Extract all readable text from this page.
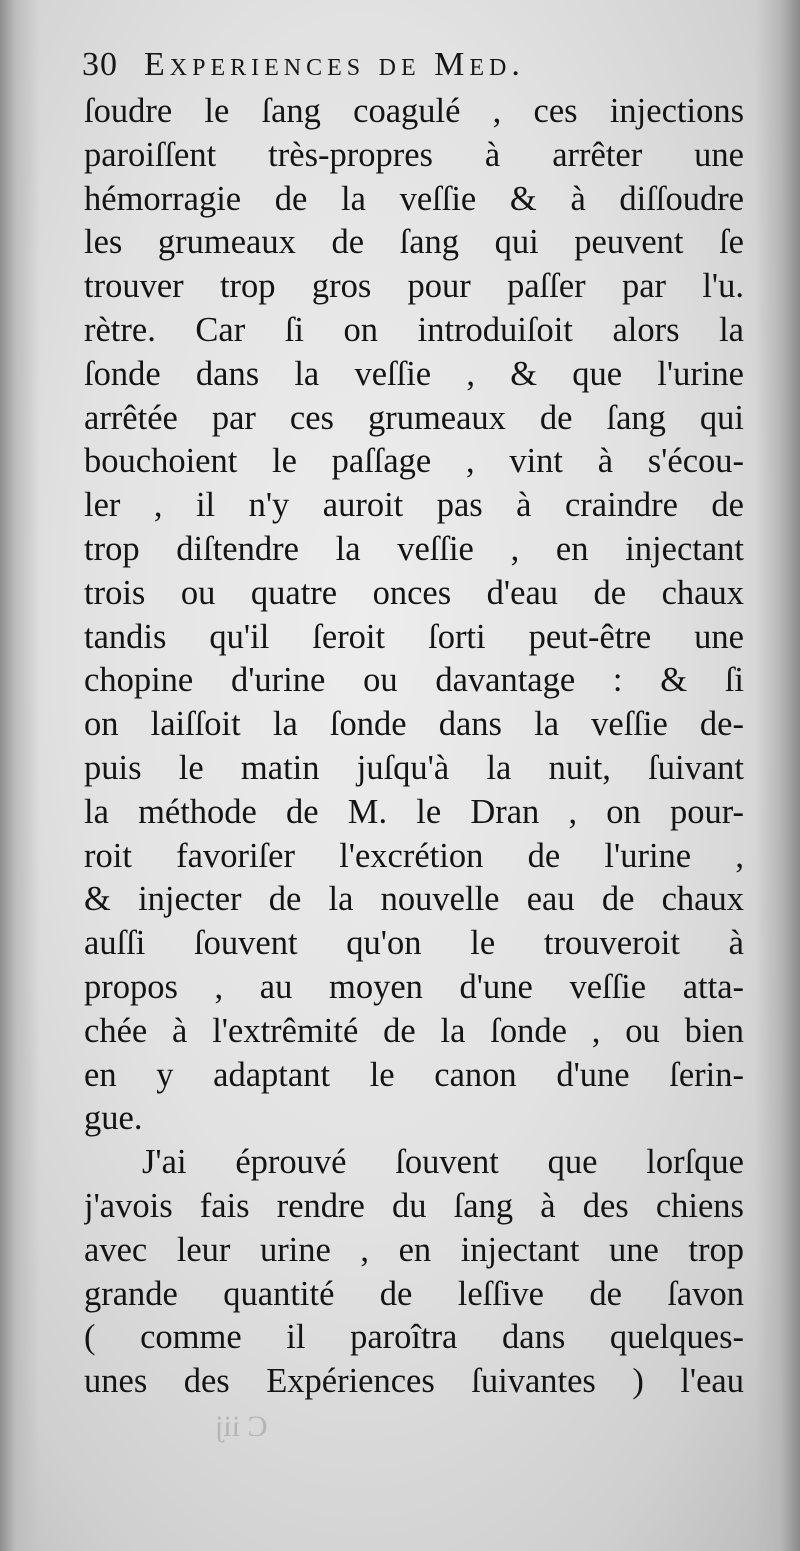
30 Experiences de Med.
ſoudre le ſang coagulé , ces injections
paroiſſent très-propres à arrêter une
hémorragie de la veſſie & à diſſoudre
les grumeaux de ſang qui peuvent ſe
trouver trop gros pour paſſer par l'u.
rètre. Car ſi on introduiſoit alors la
ſonde dans la veſſie , & que l'urine
arrêtée par ces grumeaux de ſang qui
bouchoient le paſſage , vint à s'écou-
ler , il n'y auroit pas à craindre de
trop diſtendre la veſſie , en injectant
trois ou quatre onces d'eau de chaux
tandis qu'il ſeroit ſorti peut-être une
chopine d'urine ou davantage : & ſi
on laiſſoit la ſonde dans la veſſie de-
puis le matin juſqu'à la nuit, ſuivant
la méthode de M. le Dran , on pour-
roit favoriſer l'excrétion de l'urine ,
& injecter de la nouvelle eau de chaux
auſſi ſouvent qu'on le trouveroit à
propos , au moyen d'une veſſie atta-
chée à l'extrêmité de la ſonde , ou bien
en y adaptant le canon d'une ſerin-
gue.
J'ai éprouvé ſouvent que lorſque
j'avois fais rendre du ſang à des chiens
avec leur urine , en injectant une trop
grande quantité de leſſive de ſavon
( comme il paroîtra dans quelques-
unes des Expériences ſuivantes ) l'eau
C iij
